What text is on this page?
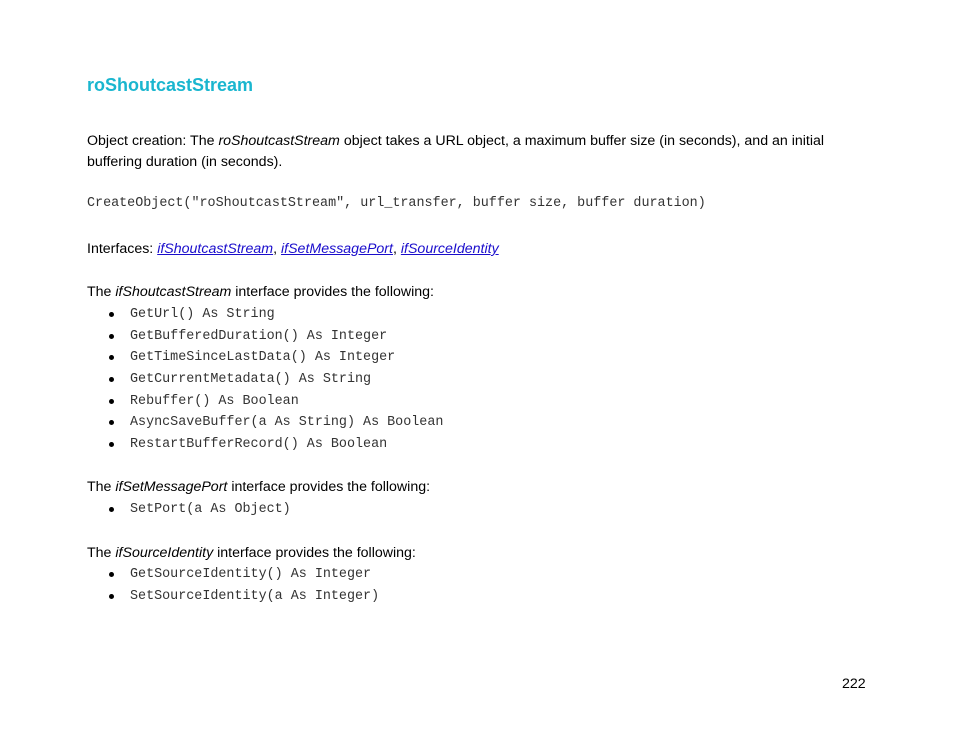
roShoutcastStream

Object creation: The roShoutcastStream object takes a URL object, a maximum buffer size (in seconds), and an initial buffering duration (in seconds).

CreateObject("roShoutcastStream", url_transfer, buffer size, buffer duration)

Interfaces: ifShoutcastStream, ifSetMessagePort, ifSourceIdentity

The ifShoutcastStream interface provides the following:

GetUrl() As String
GetBufferedDuration() As Integer
GetTimeSinceLastData() As Integer
GetCurrentMetadata() As String
Rebuffer() As Boolean
AsyncSaveBuffer(a As String) As Boolean
RestartBufferRecord() As Boolean

The ifSetMessagePort interface provides the following:

SetPort(a As Object)

The ifSourceIdentity interface provides the following:

GetSourceIdentity() As Integer
SetSourceIdentity(a As Integer)

222
